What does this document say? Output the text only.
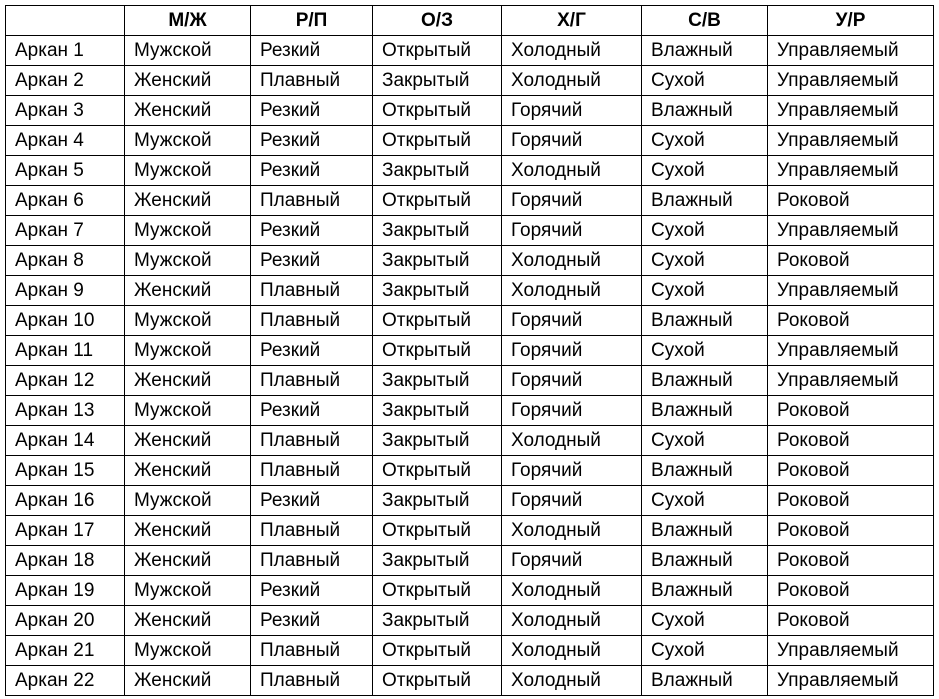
	М/Ж	Р/П	О/З	Х/Г	С/В	У/Р
Аркан 1	Мужской	Резкий	Открытый	Холодный	Влажный	Управляемый
Аркан 2	Женский	Плавный	Закрытый	Холодный	Сухой	Управляемый
Аркан 3	Женский	Резкий	Открытый	Горячий	Влажный	Управляемый
Аркан 4	Мужской	Резкий	Открытый	Горячий	Сухой	Управляемый
Аркан 5	Мужской	Резкий	Закрытый	Холодный	Сухой	Управляемый
Аркан 6	Женский	Плавный	Открытый	Горячий	Влажный	Роковой
Аркан 7	Мужской	Резкий	Закрытый	Горячий	Сухой	Управляемый
Аркан 8	Мужской	Резкий	Закрытый	Холодный	Сухой	Роковой
Аркан 9	Женский	Плавный	Закрытый	Холодный	Сухой	Управляемый
Аркан 10	Мужской	Плавный	Открытый	Горячий	Влажный	Роковой
Аркан 11	Мужской	Резкий	Открытый	Горячий	Сухой	Управляемый
Аркан 12	Женский	Плавный	Закрытый	Горячий	Влажный	Управляемый
Аркан 13	Мужской	Резкий	Закрытый	Горячий	Влажный	Роковой
Аркан 14	Женский	Плавный	Закрытый	Холодный	Сухой	Роковой
Аркан 15	Женский	Плавный	Открытый	Горячий	Влажный	Роковой
Аркан 16	Мужской	Резкий	Закрытый	Горячий	Сухой	Роковой
Аркан 17	Женский	Плавный	Открытый	Холодный	Влажный	Роковой
Аркан 18	Женский	Плавный	Закрытый	Горячий	Влажный	Роковой
Аркан 19	Мужской	Резкий	Открытый	Холодный	Влажный	Роковой
Аркан 20	Женский	Резкий	Закрытый	Холодный	Сухой	Роковой
Аркан 21	Мужской	Плавный	Открытый	Холодный	Сухой	Управляемый
Аркан 22	Женский	Плавный	Открытый	Холодный	Влажный	Управляемый
